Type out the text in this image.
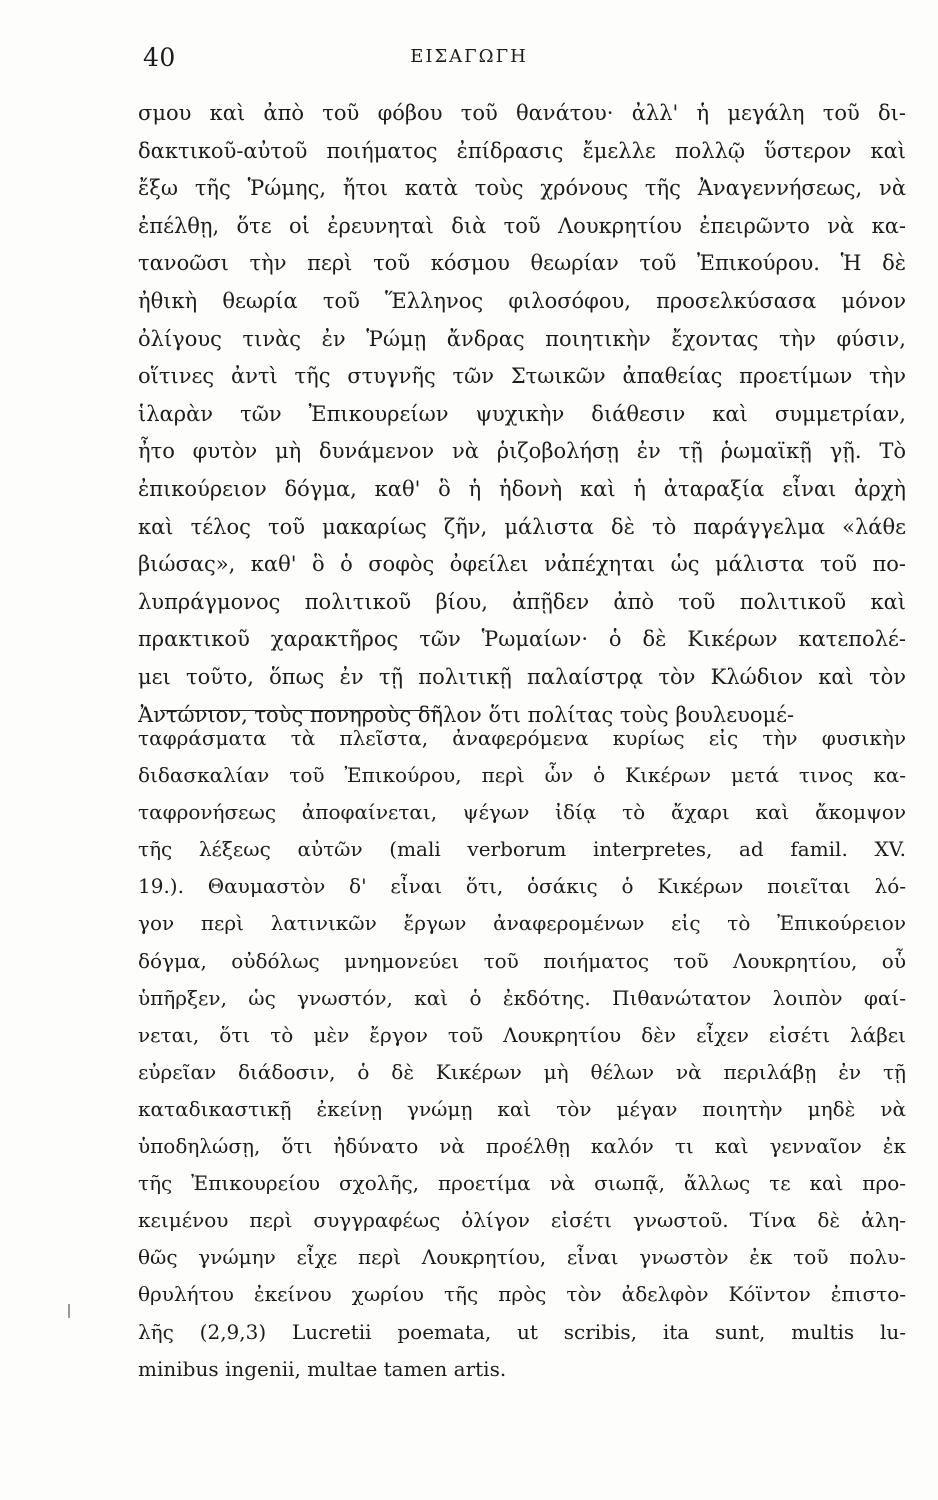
40	ΕΙΣΑΓΩΓΗ
σμου καὶ ἀπὸ τοῦ φόβου τοῦ θανάτου· ἀλλ' ἡ μεγάλη τοῦ δι-
δακτικοῦ-αὐτοῦ ποιήματος ἐπίδρασις ἔμελλε πολλῷ ὕστερον καὶ
ἔξω τῆς Ῥώμης, ἤτοι κατὰ τοὺς χρόνους τῆς Ἀναγεννήσεως, νὰ
ἐπέλθῃ, ὅτε οἱ ἐρευνηταὶ διὰ τοῦ Λουκρητίου ἐπειρῶντο νὰ κα-
τανοῶσι τὴν περὶ τοῦ κόσμου θεωρίαν τοῦ Ἐπικούρου. Ἡ δὲ
ἠθικὴ θεωρία τοῦ Ἕλληνος φιλοσόφου, προσελκύσασα μόνον
ὀλίγους τινὰς ἐν Ῥώμῃ ἄνδρας ποιητικὴν ἔχοντας τὴν φύσιν,
οἵτινες ἀντὶ τῆς στυγνῆς τῶν Στωικῶν ἀπαθείας προετίμων τὴν
ἱλαρὰν τῶν Ἐπικουρείων ψυχικὴν διάθεσιν καὶ συμμετρίαν,
ἦτο φυτὸν μὴ δυνάμενον νὰ ῥιζοβολήσῃ ἐν τῇ ῥωμαϊκῇ γῇ. Τὸ
ἐπικούρειον δόγμα, καθ' ὃ ἡ ἡδονὴ καὶ ἡ ἀταραξία εἶναι ἀρχὴ
καὶ τέλος τοῦ μακαρίως ζῆν, μάλιστα δὲ τὸ παράγγελμα «λάθε
βιώσας», καθ' ὃ ὁ σοφὸς ὀφείλει νἀπέχηται ὡς μάλιστα τοῦ πο-
λυπράγμονος πολιτικοῦ βίου, ἀπῇδεν ἀπὸ τοῦ πολιτικοῦ καὶ
πρακτικοῦ χαρακτῆρος τῶν Ῥωμαίων· ὁ δὲ Κικέρων κατεπολέ-
μει τοῦτο, ὅπως ἐν τῇ πολιτικῇ παλαίστρᾳ τὸν Κλώδιον καὶ τὸν
Ἀντώνιον, τοὺς πονηροὺς δῆλον ὅτι πολίτας τοὺς βουλευομέ-
ταφράσματα τὰ πλεῖστα, ἀναφερόμενα κυρίως εἰς τὴν φυσικὴν
διδασκαλίαν τοῦ Ἐπικούρου, περὶ ὧν ὁ Κικέρων μετά τινος κα-
ταφρονήσεως ἀποφαίνεται, ψέγων ἰδίᾳ τὸ ἄχαρι καὶ ἄκομψον
τῆς λέξεως αὐτῶν (mali verborum interpretes, ad famil. XV.
19.). Θαυμαστὸν δ' εἶναι ὅτι, ὁσάκις ὁ Κικέρων ποιεῖται λό-
γον περὶ λατινικῶν ἔργων ἀναφερομένων εἰς τὸ Ἐπικούρειον
δόγμα, οὐδόλως μνημονεύει τοῦ ποιήματος τοῦ Λουκρητίου, οὗ
ὑπῆρξεν, ὡς γνωστόν, καὶ ὁ ἐκδότης. Πιθανώτατον λοιπὸν φαί-
νεται, ὅτι τὸ μὲν ἔργον τοῦ Λουκρητίου δὲν εἶχεν εἰσέτι λάβει
εὐρεῖαν διάδοσιν, ὁ δὲ Κικέρων μὴ θέλων νὰ περιλάβῃ ἐν τῇ
καταδικαστικῇ ἐκείνῃ γνώμῃ καὶ τὸν μέγαν ποιητὴν μηδὲ νὰ
ὑποδηλώσῃ, ὅτι ἠδύνατο νὰ προέλθῃ καλόν τι καὶ γενναῖον ἐκ
τῆς Ἐπικουρείου σχολῆς, προετίμα νὰ σιωπᾷ, ἄλλως τε καὶ προ-
κειμένου περὶ συγγραφέως ὀλίγον εἰσέτι γνωστοῦ. Τίνα δὲ ἀλη-
θῶς γνώμην εἶχε περὶ Λουκρητίου, εἶναι γνωστὸν ἐκ τοῦ πολυ-
θρυλήτου ἐκείνου χωρίου τῆς πρὸς τὸν ἀδελφὸν Κόϊντον ἐπιστο-
λῆς (2,9,3) Lucretii poemata, ut scribis, ita sunt, multis lu-
minibus ingenii, multae tamen artis.
